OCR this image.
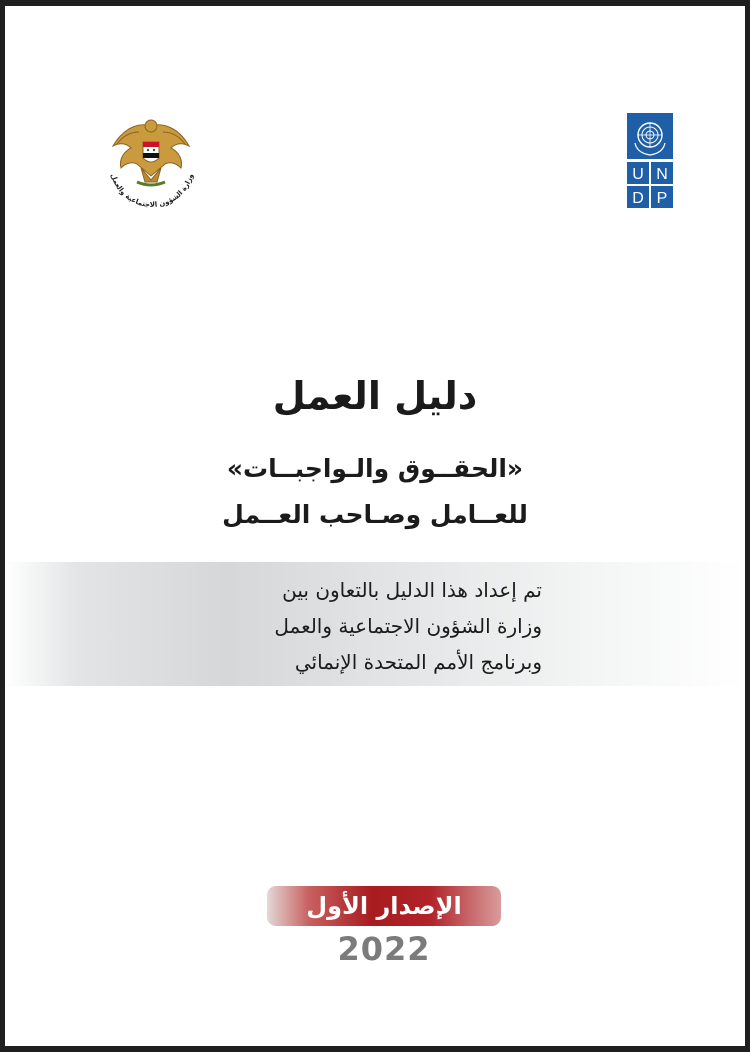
وزارة الشؤون الاجتماعية والعمل	U N
D P
دليل العمل
«الحقــوق والـواجبــات»
للعــامل وصـاحب العــمل
تم إعداد هذا الدليل بالتعاون بين
وزارة الشؤون الاجتماعية والعمل
وبرنامج الأمم المتحدة الإنمائي
الإصدار الأول
2022
